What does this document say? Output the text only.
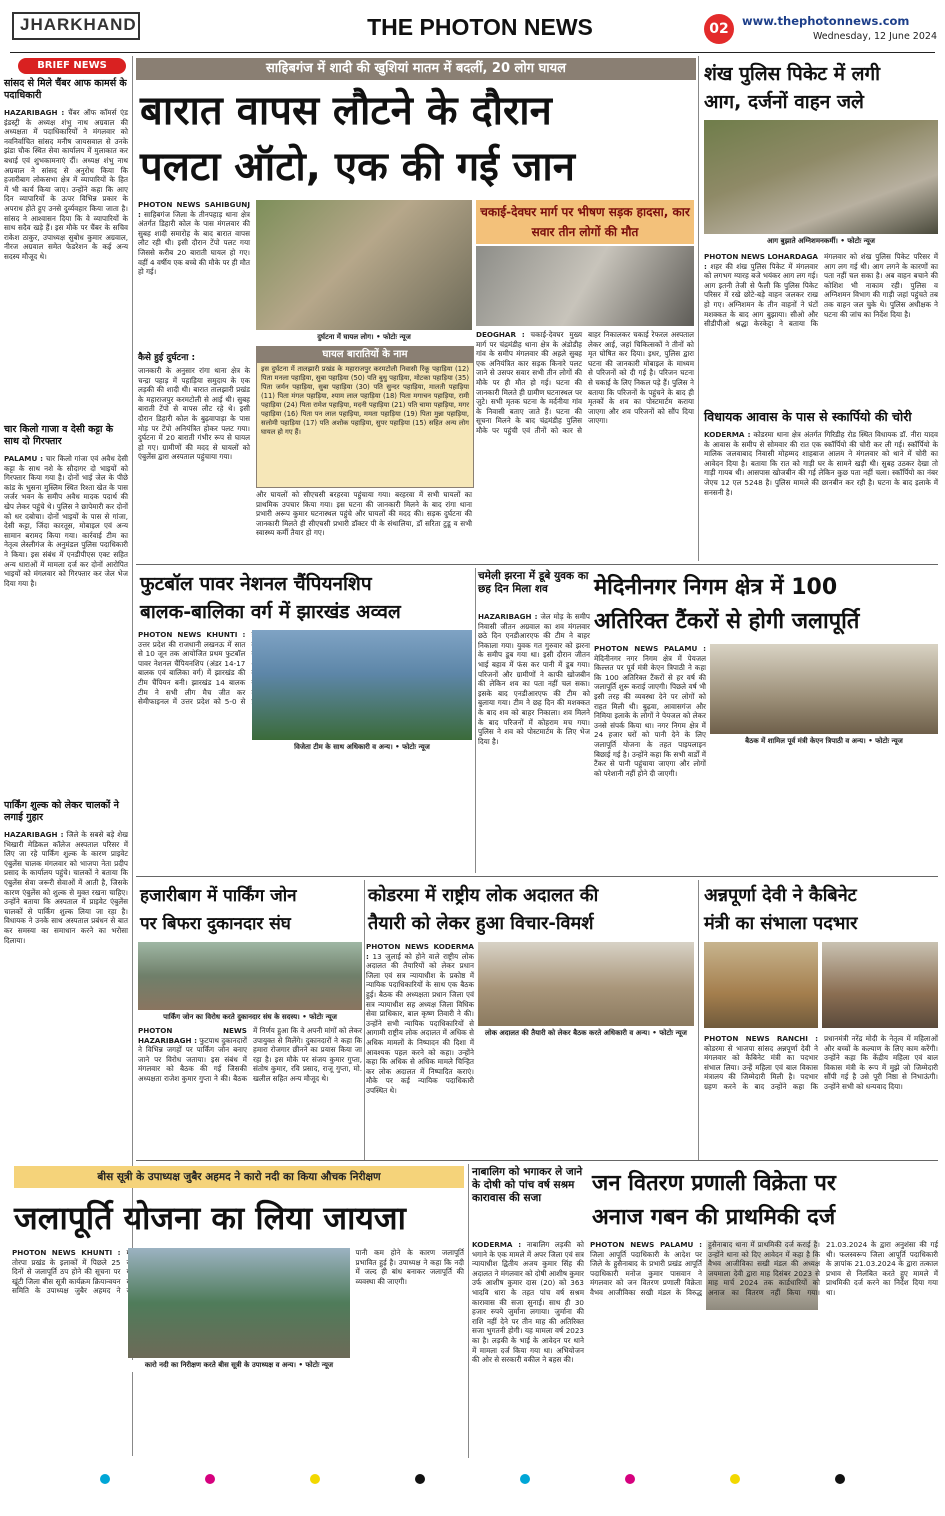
JHARKHAND	THE PHOTON NEWS	02	www.thephotonnews.com
Wednesday, 12 June 2024
BRIEF NEWS
सांसद से मिले चैंबर आफ कामर्स के पदाधिकारी
HAZARIBAGH : चैंबर ऑफ कॉमर्स एंड इंडस्ट्री के अध्यक्ष शंभु नाथ अग्रवाल की अध्यक्षता में पदाधिकारियों ने मंगलवार को नवनिर्वाचित सांसद मनीष जायसवाल से उनके झंडा चौक स्थित सेवा कार्यालय में मुलाकात कर बधाई एवं शुभकामनाएं दीं। अध्यक्ष शंभु नाथ अग्रवाल ने सांसद से अनुरोध किया कि हजारीबाग लोकसभा क्षेत्र में व्यापारियों के हित में भी कार्य किया जाए। उन्होंने कहा कि आए दिन व्यापारियों के ऊपर विभिन्न प्रकार के अपराध होते हुए उनसे दुर्व्यवहार किया जाता है। सांसद ने आश्वासन दिया कि वे व्यापारियों के साथ सदैव खड़े हैं। इस मौके पर चैंबर के सचिव राकेश ठाकुर, उपाध्यक्ष सुबोध कुमार अग्रवाल, नीरज अग्रवाल समेत फेडरेशन के कई अन्य सदस्य मौजूद थे।
चार किलो गाजा व देसी कट्टा के साथ दो गिरफ्तार
PALAMU : चार किलो गांजा एवं अवैध देसी कट्टा के साथ नशे के सौदागर दो भाइयों को गिरफ्तार किया गया है। दोनों भाई जेल के पीछे कांड के भुसना मुस्लिम स्थित रिश्ता खेत के पास जर्जर भवन के समीप अवैध मादक पदार्थ की खेप लेकर पहुंचे थे। पुलिस ने छापेमारी कर दोनों को धर दबोचा। दोनों भाइयों के पास से गांजा, देसी कट्टा, जिंदा कारतूस, मोबाइल एवं अन्य सामान बरामद किया गया। कार्रवाई टीम का नेतृत्व लेस्लीगंज के अनुमंडल पुलिस पदाधिकारी ने किया। इस संबंध में एनडीपीएस एक्ट सहित अन्य धाराओं में मामला दर्ज कर दोनों आरोपित भाइयों को मंगलवार को गिरफ्तार कर जेल भेज दिया गया है।
पार्किंग शुल्क को लेकर चालकों ने लगाई गुहार
HAZARIBAGH : जिले के सबसे बड़े शेख भिखारी मेडिकल कॉलेज अस्पताल परिसर में लिए जा रहे पार्किंग शुल्क के कारण प्राइवेट एंबुलेंस चालक मंगलवार को भाजपा नेता प्रदीप प्रसाद के कार्यालय पहुंचे। चालकों ने बताया कि एंबुलेंस सेवा जरूरी सेवाओं में आती है, जिसके कारण एंबुलेंस को शुल्क से मुक्त रखना चाहिए। उन्होंने बताया कि अस्पताल में प्राइवेट एंबुलेंस चालकों से पार्किंग शुल्क लिया जा रहा है। विधायक ने उनके साथ अस्पताल प्रबंधन से बात कर समस्या का समाधान करने का भरोसा दिलाया।
साहिबगंज में शादी की खुशियां मातम में बदलीं, 20 लोग घायल
बारात वापस लौटने के दौरान
पलटा ऑटो, एक की गई जान
PHOTON NEWS SAHIBGUNJ : साहिबगंज जिला के तीनपहाड़ थाना क्षेत्र अंतर्गत डिहारी कोल के पास मंगलवार की सुबह शादी समारोह के बाद बारात वापस लौट रही थी। इसी दौरान टेंपो पलट गया जिससे करीब 20 बाराती घायल हो गए। वहीं 4 वर्षीय एक बच्चे की मौके पर ही मौत हो गई।
कैसे हुई दुर्घटना :
जानकारी के अनुसार रांगा थाना क्षेत्र के चन्द्रा पहाड़ में पहाड़िया समुदाय के एक लड़की की शादी थी। बारात तालझारी प्रखंड के महाराजपुर करमटोली से आई थी। सुबह बाराती टेंपो से वापस लौट रहे थे। इसी दौरान डिहारी कोल के बुढ़वापाड़ा के पास मोड़ पर टेंपो अनियंत्रित होकर पलट गया। दुर्घटना में 20 बाराती गंभीर रूप से घायल हो गए। ग्रामीणों की मदद से घायलों को एंबुलेंस द्वारा अस्पताल पहुंचाया गया।
दुर्घटना में घायल लोग। • फोटोः न्यूज
घायल बारातियों के नाम
इस दुर्घटना में तालझारी प्रखंड के महाराजपुर करमटोली निवासी रिंकू पहाड़िया (12) पिता मनला पहाड़िया, सुबा पहाड़िया (50) पति बुधु पहाड़िया, मोटका पहाड़िया (35) पिता जर्मन पहाड़िया, सुबा पहाड़िया (30) पति सुन्दर पहाड़िया, मालती पहाड़िया (11) पिता मंगल पहाड़िया, श्याम लाल पहाड़िया (18) पिता मगाचन पहाड़िया, रामी पहाड़िया (24) पिता रामेश पहाड़िया, मदनी पहाड़िया (21) पति चामा पहाड़िया, मगर पहाड़िया (16) पिता पन लाल पहाड़िया, ममता पहाड़िया (19) पिता मुन्ना पहाड़िया, सलोमी पहाड़िया (17) पति अशोक पहाड़िया, सुपर पहाड़िया (15) सहित अन्य लोग घायल हो गए हैं।
और घायलों को सीएचसी बरहरवा पहुंचाया गया। बरहरवा में सभी घायलों का प्राथमिक उपचार किया गया। इस घटना की जानकारी मिलने के बाद रांगा थाना प्रभारी अरूप कुमार घटनास्थल पहुंचे और घायलों की मदद की। सड़क दुर्घटना की जानकारी मिलते ही सीएचसी प्रभारी डॉक्टर पी के संथालिया, डॉ सरिता टुडू व सभी स्वास्थ्य कर्मी तैयार हो गए।
चकाई-देवघर मार्ग पर भीषण सड़क हादसा, कार सवार तीन लोगों की मौत
DEOGHAR : चकाई-देवघर मुख्य मार्ग पर चंद्रमंडीह थाना क्षेत्र के अंडोडीह गांव के समीप मंगलवार की अहले सुबह एक अनियंत्रित कार सड़क किनारे पलट जाने से उसपर सवार सभी तीन लोगों की मौके पर ही मौत हो गई। घटना की जानकारी मिलते ही ग्रामीण घटनास्थल पर जुटे। सभी मृतक घटना के मर्दनीया गांव के निवासी बताए जाते हैं। घटना की सूचना मिलने के बाद चंद्रमंडीह पुलिस मौके पर पहुंची एवं तीनों को कार से बाहर निकालकर चकाई रेफरल अस्पताल लेकर आई, जहां चिकित्सकों ने तीनों को मृत घोषित कर दिया। इधर, पुलिस द्वारा घटना की जानकारी मोबाइल के माध्यम से परिजनों को दी गई है। परिजन घटना से चकाई के लिए निकल पड़े हैं। पुलिस ने बताया कि परिजनों के पहुंचने के बाद ही मृतकों के शव का पोस्टमार्टम कराया जाएगा और शव परिजनों को सौंप दिया जाएगा।
शंख पुलिस पिकेट में लगी
आग, दर्जनों वाहन जले
आग बुझाते अग्निशमनकर्मी। • फोटोः न्यूज
PHOTON NEWS LOHARDAGA : शहर की शंख पुलिस पिकेट में मंगलवार को लगभग ग्यारह बजे भयंकर आग लग गई। आग इतनी तेजी से फैली कि पुलिस पिकेट परिसर में रखे छोटे-बड़े वाहन जलकर राख हो गए। अग्निशमन के तीन वाहनों ने घंटों मशक्कत के बाद आग बुझाया। सीओ और सीडीपीओ श्रद्धा केरकेट्टा ने बताया कि मंगलवार को शंख पुलिस पिकेट परिसर में आग लग गई थी। आग लगने के कारणों का पता नहीं चल सका है। अब वाहन बचाने की कोशिश भी नाकाम रही। पुलिस व अग्निशमन विभाग की गाड़ी जहां पहुंचते तब तक वाहन जल चुके थे। पुलिस अधीक्षक ने घटना की जांच का निर्देश दिया है।
विधायक आवास के पास से स्कार्पियो की चोरी
KODERMA : कोडरमा थाना क्षेत्र अंतर्गत गिरिडीह रोड स्थित विधायक डॉ. नीरा यादव के आवास के समीप से सोमवार की रात एक स्कॉर्पियो की चोरी कर ली गई। स्कॉर्पियो के मालिक जलवाबाद निवासी मोहम्मद शाहबाज आलम ने मंगलवार को थाने में चोरी का आवेदन दिया है। बताया कि रात को गाड़ी घर के सामने खड़ी थी। सुबह उठकर देखा तो गाड़ी गायब थी। आसपास खोजबीन की गई लेकिन कुछ पता नहीं चला। स्कॉर्पियो का नंबर जेएच 12 एल 5248 है। पुलिस मामले की छानबीन कर रही है। घटना के बाद इलाके में सनसनी है।
फुटबॉल पावर नेशनल चैंपियनशिप
बालक-बालिका वर्ग में झारखंड अव्वल
PHOTON NEWS KHUNTI : उत्तर प्रदेश की राजधानी लखनऊ में सात से 10 जून तक आयोजित प्रथम फुटबॉल पावर नेशनल चैंपियनशिप (अंडर 14-17 बालक एवं बालिका वर्ग) में झारखंड की टीम चैंपियन बनी। झारखंड 14 बालक टीम ने सभी लीग मैच जीत कर सेमीफाइनल में उत्तर प्रदेश को 5-0 से
विजेता टीम के साथ अधिकारी व अन्य। • फोटोः न्यूज
चमेली झरना में डूबे युवक का छह दिन मिला शव
HAZARIBAGH : जेल मोड़ के समीप निवासी जीतन अग्रवाल का शव मंगलवार छठे दिन एनडीआरएफ की टीम ने बाहर निकाला गया। युवक गत गुरुवार को झरना के समीप डूब गया था। इसी दौरान जीतन भाई बहाव में फंस कर पानी में डूब गया। परिजनों और ग्रामीणों ने काफी खोजबीन की लेकिन शव का पता नहीं चल सका। इसके बाद एनडीआरएफ की टीम को बुलाया गया। टीम ने छह दिन की मशक्कत के बाद शव को बाहर निकाला। शव मिलने के बाद परिजनों में कोहराम मच गया। पुलिस ने शव को पोस्टमार्टम के लिए भेज दिया है।
मेदिनीनगर निगम क्षेत्र में 100
अतिरिक्त टैंकरों से होगी जलापूर्ति
PHOTON NEWS PALAMU : मेदिनीनगर नगर निगम क्षेत्र में पेयजल किल्लत पर पूर्व मंत्री केएन त्रिपाठी ने कहा कि 100 अतिरिक्त टैंकरों से हर वर्ष की जलापूर्ति शुरू कराई जाएगी। पिछले वर्ष भी इसी तरह की व्यवस्था देने पर लोगों को राहत मिली थी। बुढ़वा, आवासगंज और निमिया इलाके के लोगों ने पेयजल को लेकर उनसे संपर्क किया था। नगर निगम क्षेत्र में 24 हजार घरों को पानी देने के लिए जलापूर्ति योजना के तहत पाइपलाइन बिछाई गई है। उन्होंने कहा कि सभी वार्डों में टैंकर से पानी पहुंचाया जाएगा और लोगों को परेशानी नहीं होने दी जाएगी।
बैठक में शामिल पूर्व मंत्री केएन त्रिपाठी व अन्य। • फोटोः न्यूज
हजारीबाग में पार्किंग जोन
पर बिफरा दुकानदार संघ
पार्किंग जोन का विरोध करते दुकानदार संघ के सदस्य। • फोटोः न्यूज
PHOTON NEWS HAZARIBAGH : फुटपाथ दुकानदारों ने विभिन्न जगहों पर पार्किंग जोन बनाए जाने पर विरोध जताया। इस संबंध में मंगलवार को बैठक की गई जिसकी अध्यक्षता राजेश कुमार गुप्ता ने की। बैठक में निर्णय हुआ कि वे अपनी मांगों को लेकर उपायुक्त से मिलेंगे। दुकानदारों ने कहा कि हमारा रोजगार छीनने का प्रयास किया जा रहा है। इस मौके पर संजय कुमार गुप्ता, संतोष कुमार, रवि प्रसाद, राजू गुप्ता, मो. खलील सहित अन्य मौजूद थे।
कोडरमा में राष्ट्रीय लोक अदालत की
तैयारी को लेकर हुआ विचार-विमर्श
PHOTON NEWS KODERMA : 13 जुलाई को होने वाले राष्ट्रीय लोक अदालत की तैयारियों को लेकर प्रधान जिला एवं सत्र न्यायाधीश के प्रकोष्ठ में न्यायिक पदाधिकारियों के साथ एक बैठक हुई। बैठक की अध्यक्षता प्रधान जिला एवं सत्र न्यायाधीश सह अध्यक्ष जिला विधिक सेवा प्राधिकार, बाल कृष्ण तिवारी ने की। उन्होंने सभी न्यायिक पदाधिकारियों से आगामी राष्ट्रीय लोक अदालत में अधिक से अधिक मामलों के निष्पादन की दिशा में आवश्यक पहल करने को कहा। उन्होंने कहा कि अधिक से अधिक मामले चिन्हित कर लोक अदालत में निष्पादित कराएं। मौके पर कई न्यायिक पदाधिकारी उपस्थित थे।
लोक अदालत की तैयारी को लेकर बैठक करते अधिकारी व अन्य। • फोटोः न्यूज
अन्नपूर्णा देवी ने कैबिनेट
मंत्री का संभाला पदभार
PHOTON NEWS RANCHI : कोडरमा से भाजपा सांसद अन्नपूर्णा देवी ने मंगलवार को कैबिनेट मंत्री का पदभार संभाल लिया। उन्हें महिला एवं बाल विकास मंत्रालय की जिम्मेदारी मिली है। पदभार ग्रहण करने के बाद उन्होंने कहा कि प्रधानमंत्री नरेंद्र मोदी के नेतृत्व में महिलाओं और बच्चों के कल्याण के लिए काम करेंगी। उन्होंने कहा कि केंद्रीय महिला एवं बाल विकास मंत्री के रूप में मुझे जो जिम्मेदारी सौंपी गई है उसे पूरी निष्ठा से निभाऊंगी। उन्होंने सभी को धन्यवाद दिया।
बीस सूत्री के उपाध्यक्ष जुबैर अहमद ने कारो नदी का किया औचक निरीक्षण
जलापूर्ति योजना का लिया जायजा
PHOTON NEWS KHUNTI : तोरपा प्रखंड के इलाकों में पिछले 25 दिनों से जलापूर्ति ठप होने की सूचना पर खूंटी जिला बीस सूत्री कार्यक्रम क्रियान्वयन समिति के उपाध्यक्ष जुबैर अहमद ने पानी कम होने के कारण जलापूर्ति प्रभावित हुई है। उपाध्यक्ष ने कहा कि नदी में जल्द ही बांध बनाकर जलापूर्ति की व्यवस्था की जाएगी।
कारो नदी का निरीक्षण करते बीस सूत्री के उपाध्यक्ष व अन्य। • फोटोः न्यूज
नाबालिग को भगाकर ले जाने के दोषी को पांच वर्ष सश्रम कारावास की सजा
KODERMA : नाबालिग लड़की को भगाने के एक मामले में अपर जिला एवं सत्र न्यायाधीश द्वितीय अजय कुमार सिंह की अदालत ने मंगलवार को दोषी आशीष कुमार उर्फ आशीष कुमार दास (20) को 363 भादवि धारा के तहत पांच वर्ष सश्रम कारावास की सजा सुनाई। साथ ही 30 हजार रुपये जुर्माना लगाया। जुर्माना की राशि नहीं देने पर तीन माह की अतिरिक्त सजा भुगतनी होगी। यह मामला वर्ष 2023 का है। लड़की के भाई के आवेदन पर थाने में मामला दर्ज किया गया था। अभियोजन की ओर से सरकारी वकील ने बहस की।
जन वितरण प्रणाली विक्रेता पर
अनाज गबन की प्राथमिकी दर्ज
PHOTON NEWS PALAMU : जिला आपूर्ति पदाधिकारी के आदेश पर जिले के हुसैनाबाद के प्रभारी प्रखंड आपूर्ति पदाधिकारी मनोज कुमार पासवान ने मंगलवार को जन वितरण प्रणाली विक्रेता वैभव आजीविका सखी मंडल के विरुद्ध हुसैनाबाद थाना में प्राथमिकी दर्ज कराई है। उन्होंने थाना को दिए आवेदन में कहा है कि वैभव आजीविका सखी मंडल की अध्यक्ष जयमाला देवी द्वारा माह दिसंबर 2023 से माह मार्च 2024 तक कार्डधारियों को अनाज का वितरण नहीं किया गया। 21.03.2024 के द्वारा अनुशंसा की गई थी। फलस्वरूप जिला आपूर्ति पदाधिकारी के ज्ञापांक 21.03.2024 के द्वारा तत्काल प्रभाव से निलंबित करते हुए मामले में प्राथमिकी दर्ज करने का निर्देश दिया गया था।
